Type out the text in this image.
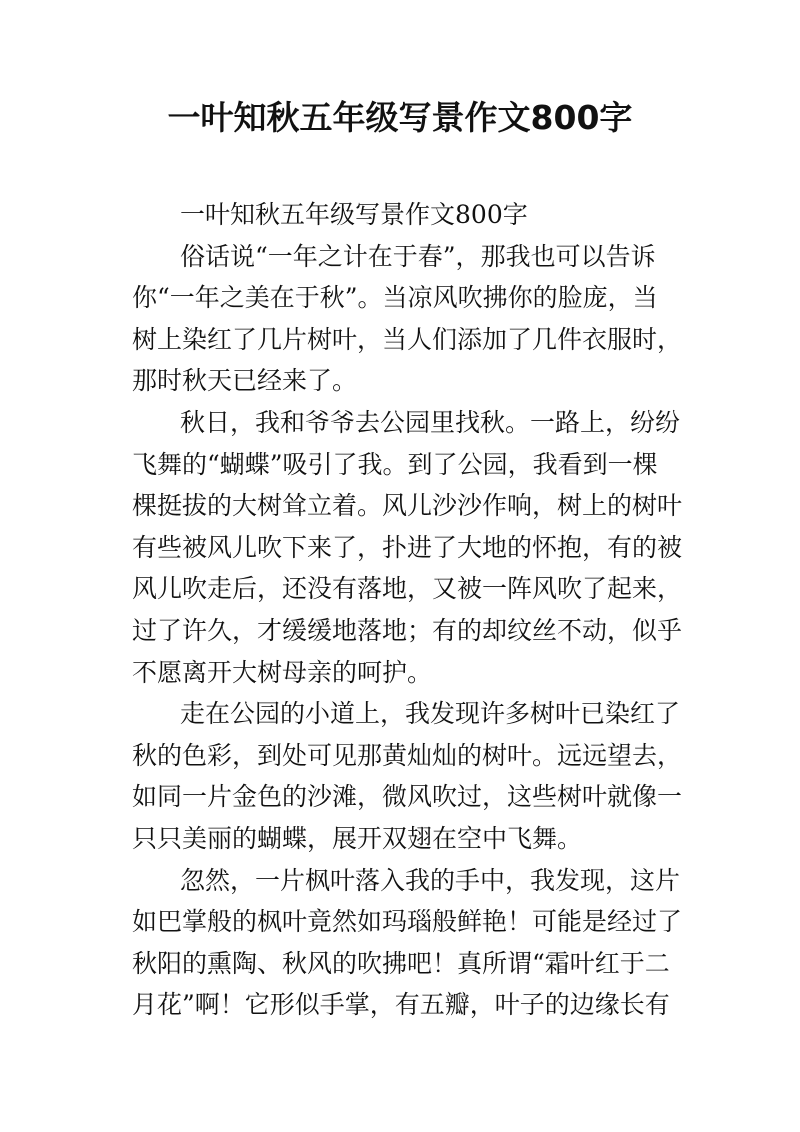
一叶知秋五年级写景作文800字
一叶知秋五年级写景作文800字
俗话说“一年之计在于春”，那我也可以告诉
你“一年之美在于秋”。当凉风吹拂你的脸庞，当
树上染红了几片树叶，当人们添加了几件衣服时，
那时秋天已经来了。
秋日，我和爷爷去公园里找秋。一路上，纷纷
飞舞的“蝴蝶”吸引了我。到了公园，我看到一棵
棵挺拔的大树耸立着。风儿沙沙作响，树上的树叶
有些被风儿吹下来了，扑进了大地的怀抱，有的被
风儿吹走后，还没有落地，又被一阵风吹了起来，
过了许久，才缓缓地落地；有的却纹丝不动，似乎
不愿离开大树母亲的呵护。
走在公园的小道上，我发现许多树叶已染红了
秋的色彩，到处可见那黄灿灿的树叶。远远望去，
如同一片金色的沙滩，微风吹过，这些树叶就像一
只只美丽的蝴蝶，展开双翅在空中飞舞。
忽然，一片枫叶落入我的手中，我发现，这片
如巴掌般的枫叶竟然如玛瑙般鲜艳！可能是经过了
秋阳的熏陶、秋风的吹拂吧！真所谓“霜叶红于二
月花”啊！它形似手掌，有五瓣，叶子的边缘长有
